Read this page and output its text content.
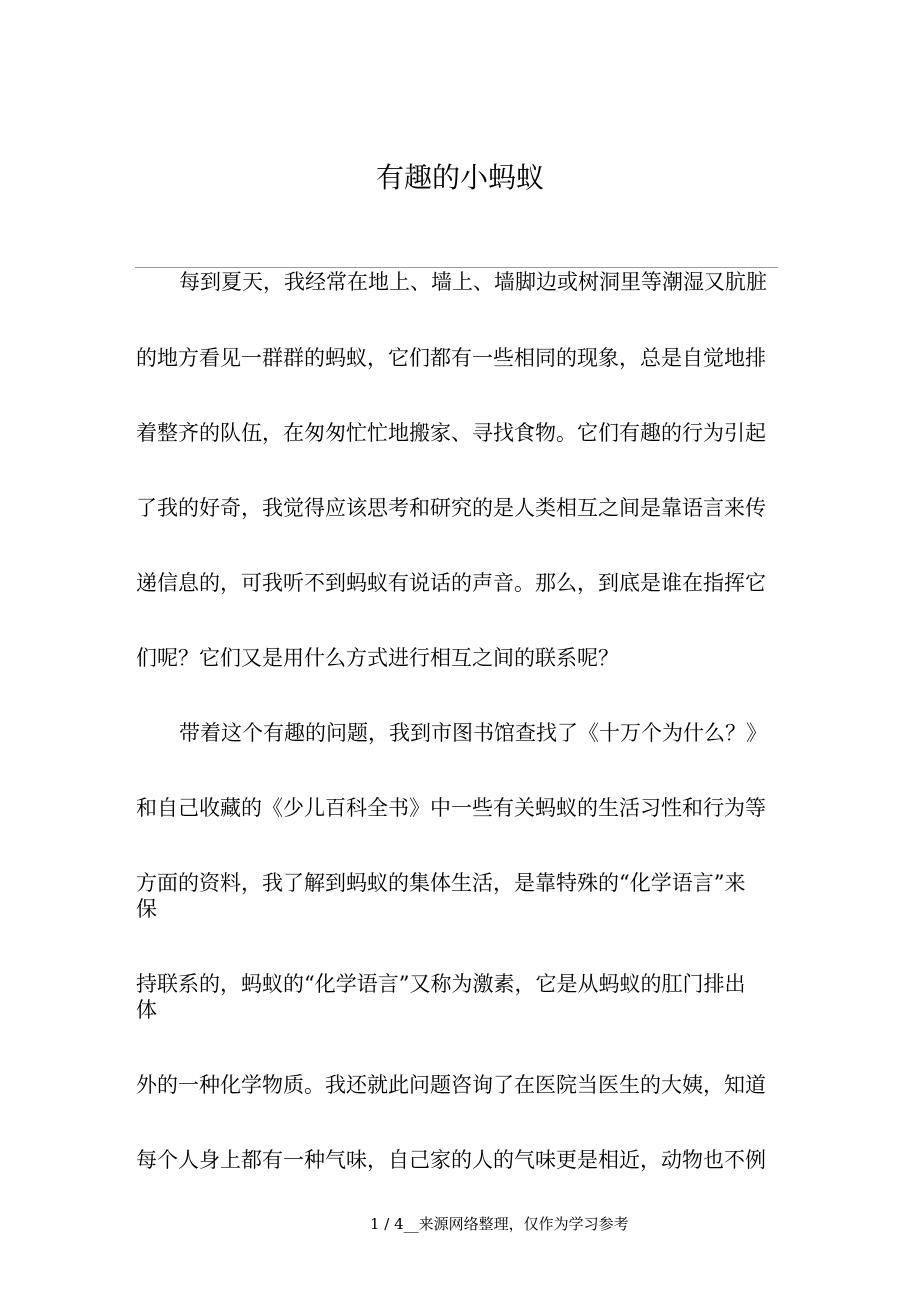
有趣的小蚂蚁

每到夏天，我经常在地上、墙上、墙脚边或树洞里等潮湿又肮脏

的地方看见一群群的蚂蚁，它们都有一些相同的现象，总是自觉地排

着整齐的队伍，在匆匆忙忙地搬家、寻找食物。它们有趣的行为引起

了我的好奇，我觉得应该思考和研究的是人类相互之间是靠语言来传

递信息的，可我听不到蚂蚁有说话的声音。那么，到底是谁在指挥它

们呢？它们又是用什么方式进行相互之间的联系呢？

带着这个有趣的问题，我到市图书馆查找了《十万个为什么？》

和自己收藏的《少儿百科全书》中一些有关蚂蚁的生活习性和行为等

方面的资料，我了解到蚂蚁的集体生活，是靠特殊的“化学语言”来

保

持联系的，蚂蚁的“化学语言”又称为激素，它是从蚂蚁的肛门排出

体

外的一种化学物质。我还就此问题咨询了在医院当医生的大姨，知道

每个人身上都有一种气味，自己家的人的气味更是相近，动物也不例

1 / 4__来源网络整理，仅作为学习参考
